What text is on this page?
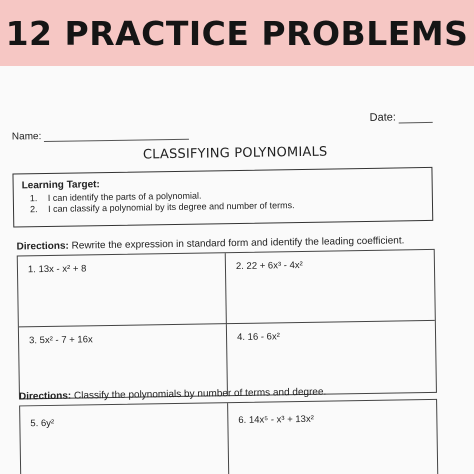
12 PRACTICE PROBLEMS
Date:
Name:
CLASSIFYING POLYNOMIALS
Learning Target:
1.	I can identify the parts of a polynomial.
2.	I can classify a polynomial by its degree and number of terms.
Directions: Rewrite the expression in standard form and identify the leading coefficient.
1. 13x - x² + 8	2. 22 + 6x³ - 4x²
3. 5x² - 7 + 16x	4. 16 - 6x²
Directions: Classify the polynomials by number of terms and degree.
5. 6y²	6. 14x⁵ - x³ + 13x²
